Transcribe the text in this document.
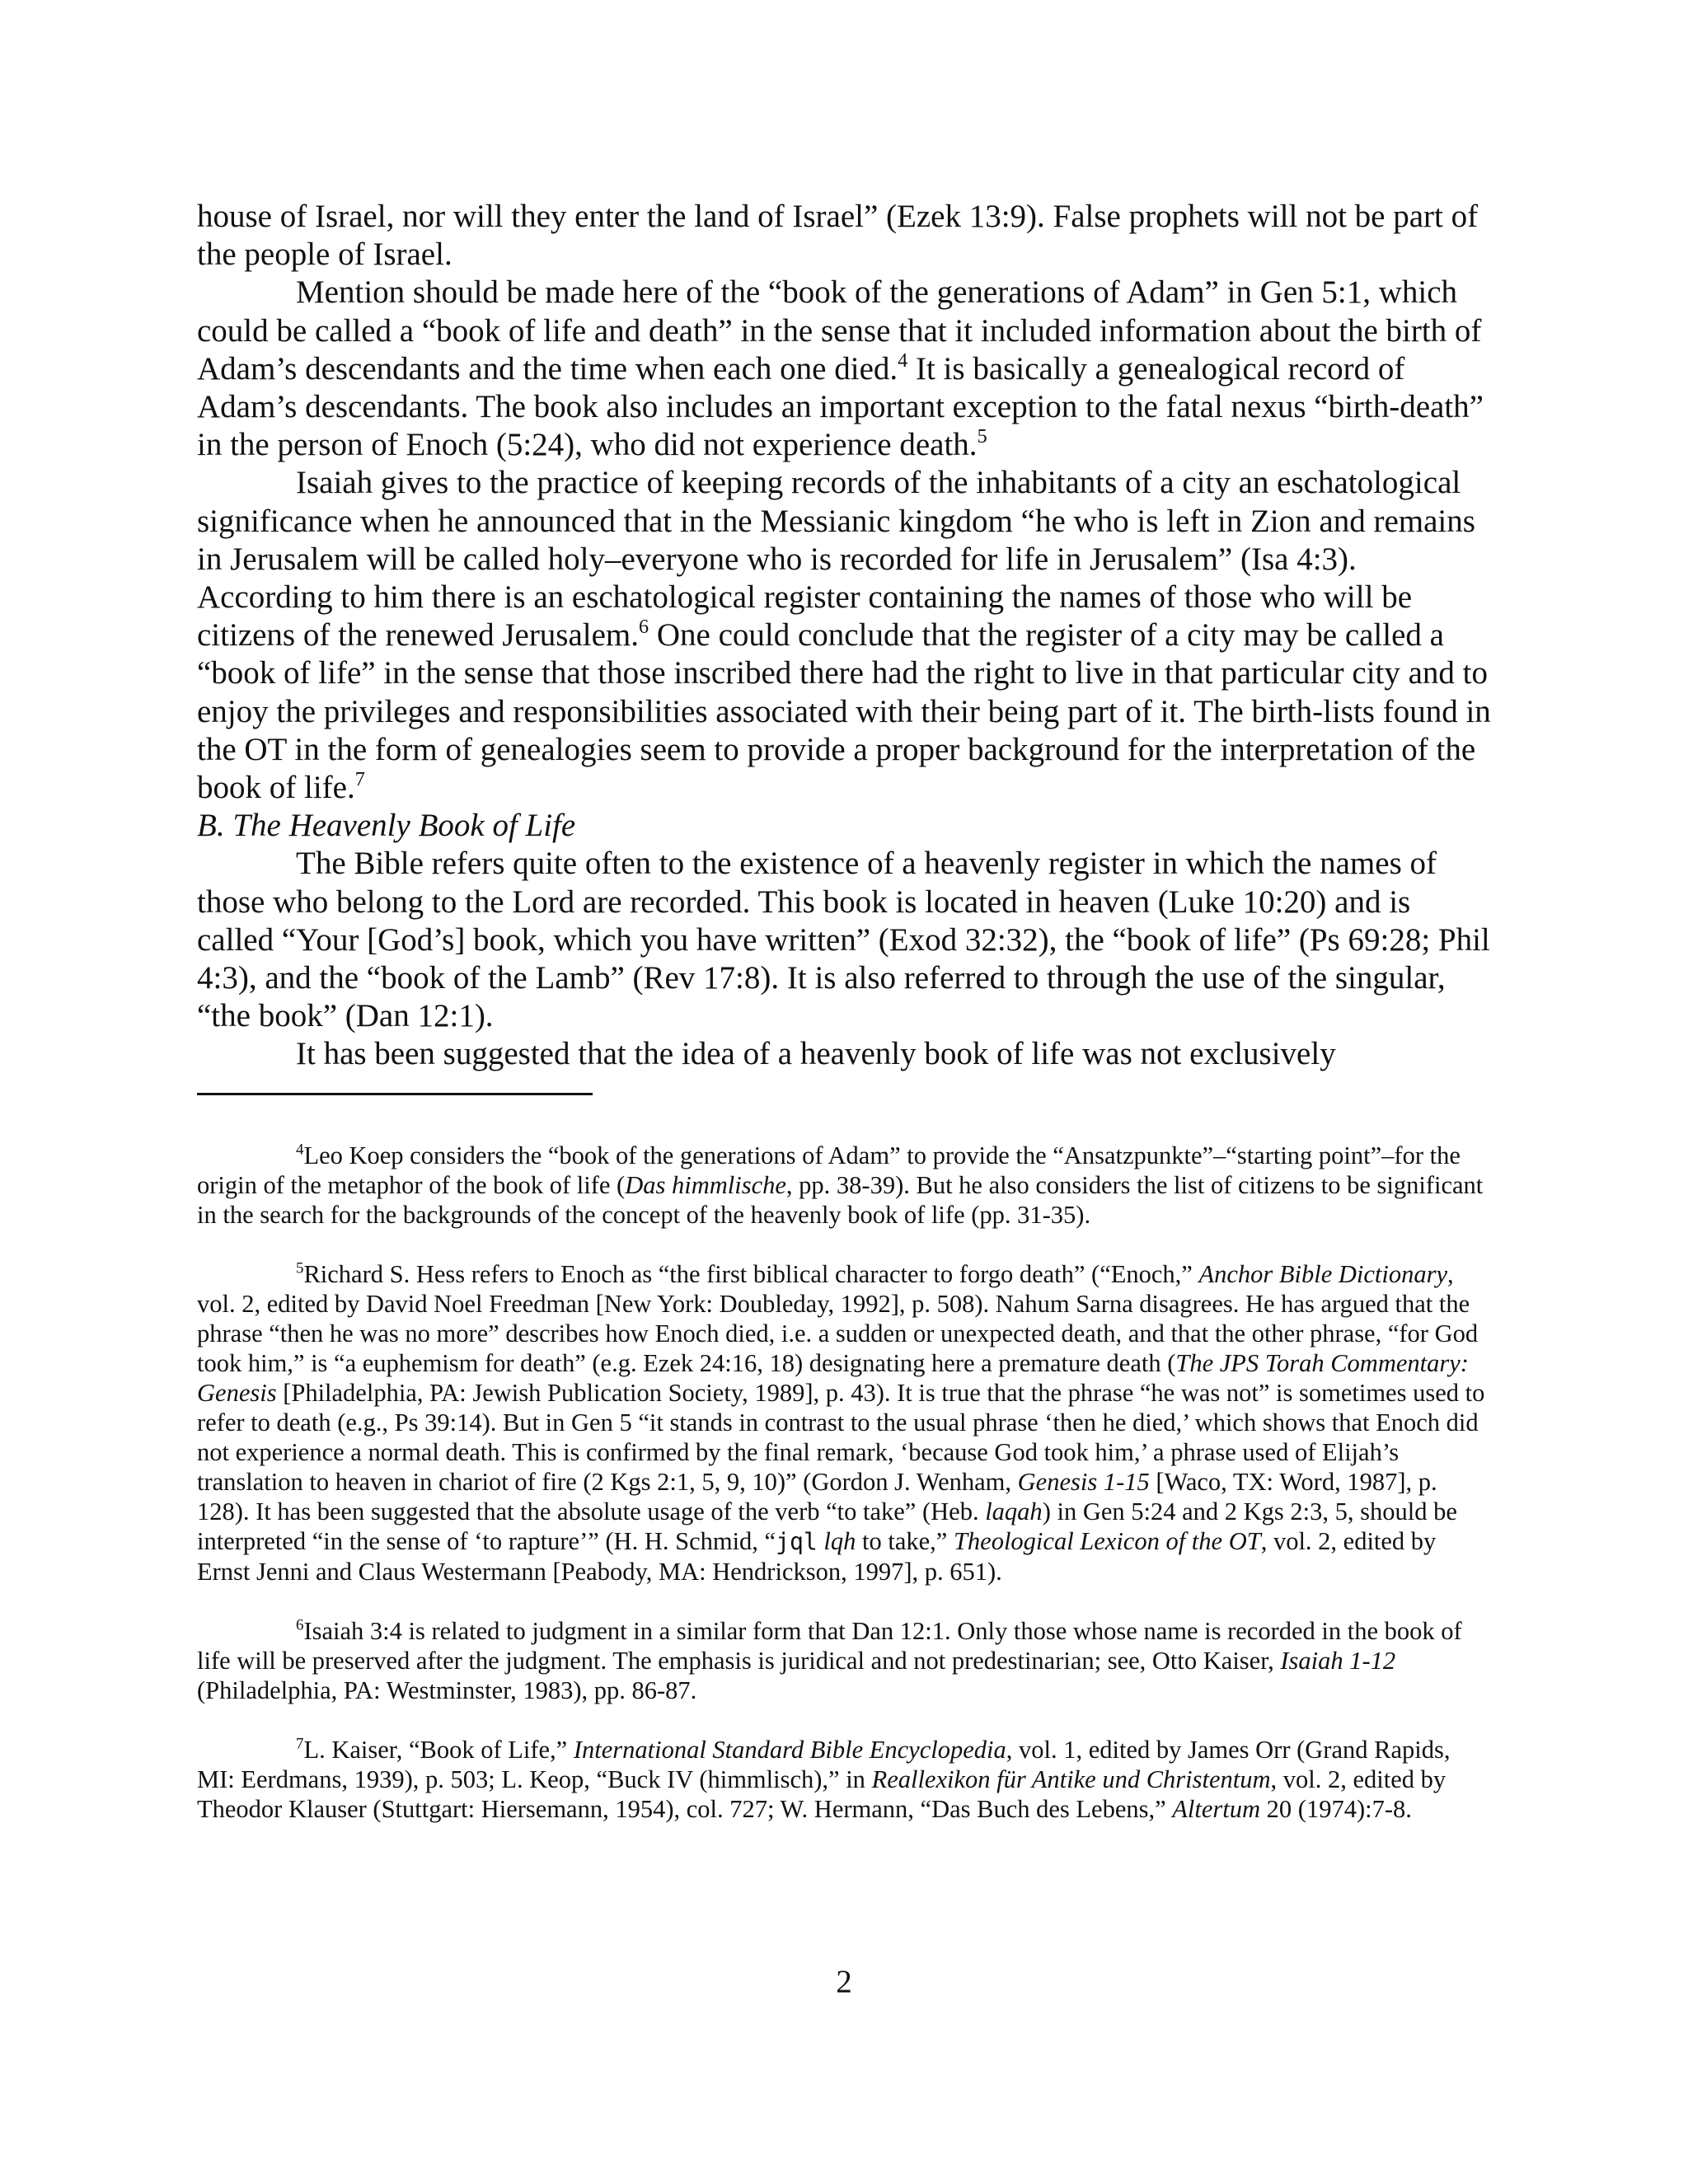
house of Israel, nor will they enter the land of Israel” (Ezek 13:9). False prophets will not be part of the people of Israel.

Mention should be made here of the “book of the generations of Adam” in Gen 5:1, which could be called a “book of life and death” in the sense that it included information about the birth of Adam’s descendants and the time when each one died.$^4$ It is basically a genealogical record of Adam’s descendants. The book also includes an important exception to the fatal nexus “birth-death” in the person of Enoch (5:24), who did not experience death.$^5$

Isaiah gives to the practice of keeping records of the inhabitants of a city an eschatological significance when he announced that in the Messianic kingdom “he who is left in Zion and remains in Jerusalem will be called holy–everyone who is recorded for life in Jerusalem” (Isa 4:3). According to him there is an eschatological register containing the names of those who will be citizens of the renewed Jerusalem.$^6$ One could conclude that the register of a city may be called a “book of life” in the sense that those inscribed there had the right to live in that particular city and to enjoy the privileges and responsibilities associated with their being part of it. The birth-lists found in the OT in the form of genealogies seem to provide a proper background for the interpretation of the book of life.$^7$

B. The Heavenly Book of Life

The Bible refers quite often to the existence of a heavenly register in which the names of those who belong to the Lord are recorded. This book is located in heaven (Luke 10:20) and is called “Your [God’s] book, which you have written” (Exod 32:32), the “book of life” (Ps 69:28; Phil 4:3), and the “book of the Lamb” (Rev 17:8). It is also referred to through the use of the singular, “the book” (Dan 12:1).

It has been suggested that the idea of a heavenly book of life was not exclusively

$^4$Leo Koep considers the “book of the generations of Adam” to provide the “Ansatzpunkte”–“starting point”–for the origin of the metaphor of the book of life (Das himmlische, pp. 38-39). But he also considers the list of citizens to be significant in the search for the backgrounds of the concept of the heavenly book of life (pp. 31-35).

$^5$Richard S. Hess refers to Enoch as “the first biblical character to forgo death” (“Enoch,” Anchor Bible Dictionary, vol. 2, edited by David Noel Freedman [New York: Doubleday, 1992], p. 508). Nahum Sarna disagrees. He has argued that the phrase “then he was no more” describes how Enoch died, i.e. a sudden or unexpected death, and that the other phrase, “for God took him,” is “a euphemism for death” (e.g. Ezek 24:16, 18) designating here a premature death (The JPS Torah Commentary: Genesis [Philadelphia, PA: Jewish Publication Society, 1989], p. 43). It is true that the phrase “he was not” is sometimes used to refer to death (e.g., Ps 39:14). But in Gen 5 “it stands in contrast to the usual phrase ‘then he died,’ which shows that Enoch did not experience a normal death. This is confirmed by the final remark, ‘because God took him,’ a phrase used of Elijah’s translation to heaven in chariot of fire (2 Kgs 2:1, 5, 9, 10)” (Gordon J. Wenham, Genesis 1-15 [Waco, TX: Word, 1987], p. 128). It has been suggested that the absolute usage of the verb “to take” (Heb. laqah) in Gen 5:24 and 2 Kgs 2:3, 5, should be interpreted “in the sense of ‘to rapture’” (H. H. Schmid, “jql lqh to take,” Theological Lexicon of the OT, vol. 2, edited by Ernst Jenni and Claus Westermann [Peabody, MA: Hendrickson, 1997], p. 651).

$^6$Isaiah 3:4 is related to judgment in a similar form that Dan 12:1. Only those whose name is recorded in the book of life will be preserved after the judgment. The emphasis is juridical and not predestinarian; see, Otto Kaiser, Isaiah 1-12 (Philadelphia, PA: Westminster, 1983), pp. 86-87.

$^7$L. Kaiser, “Book of Life,” International Standard Bible Encyclopedia, vol. 1, edited by James Orr (Grand Rapids, MI: Eerdmans, 1939), p. 503; L. Keop, “Buck IV (himmlisch),” in Reallexikon für Antike und Christentum, vol. 2, edited by Theodor Klauser (Stuttgart: Hiersemann, 1954), col. 727; W. Hermann, “Das Buch des Lebens,” Altertum 20 (1974):7-8.

2
